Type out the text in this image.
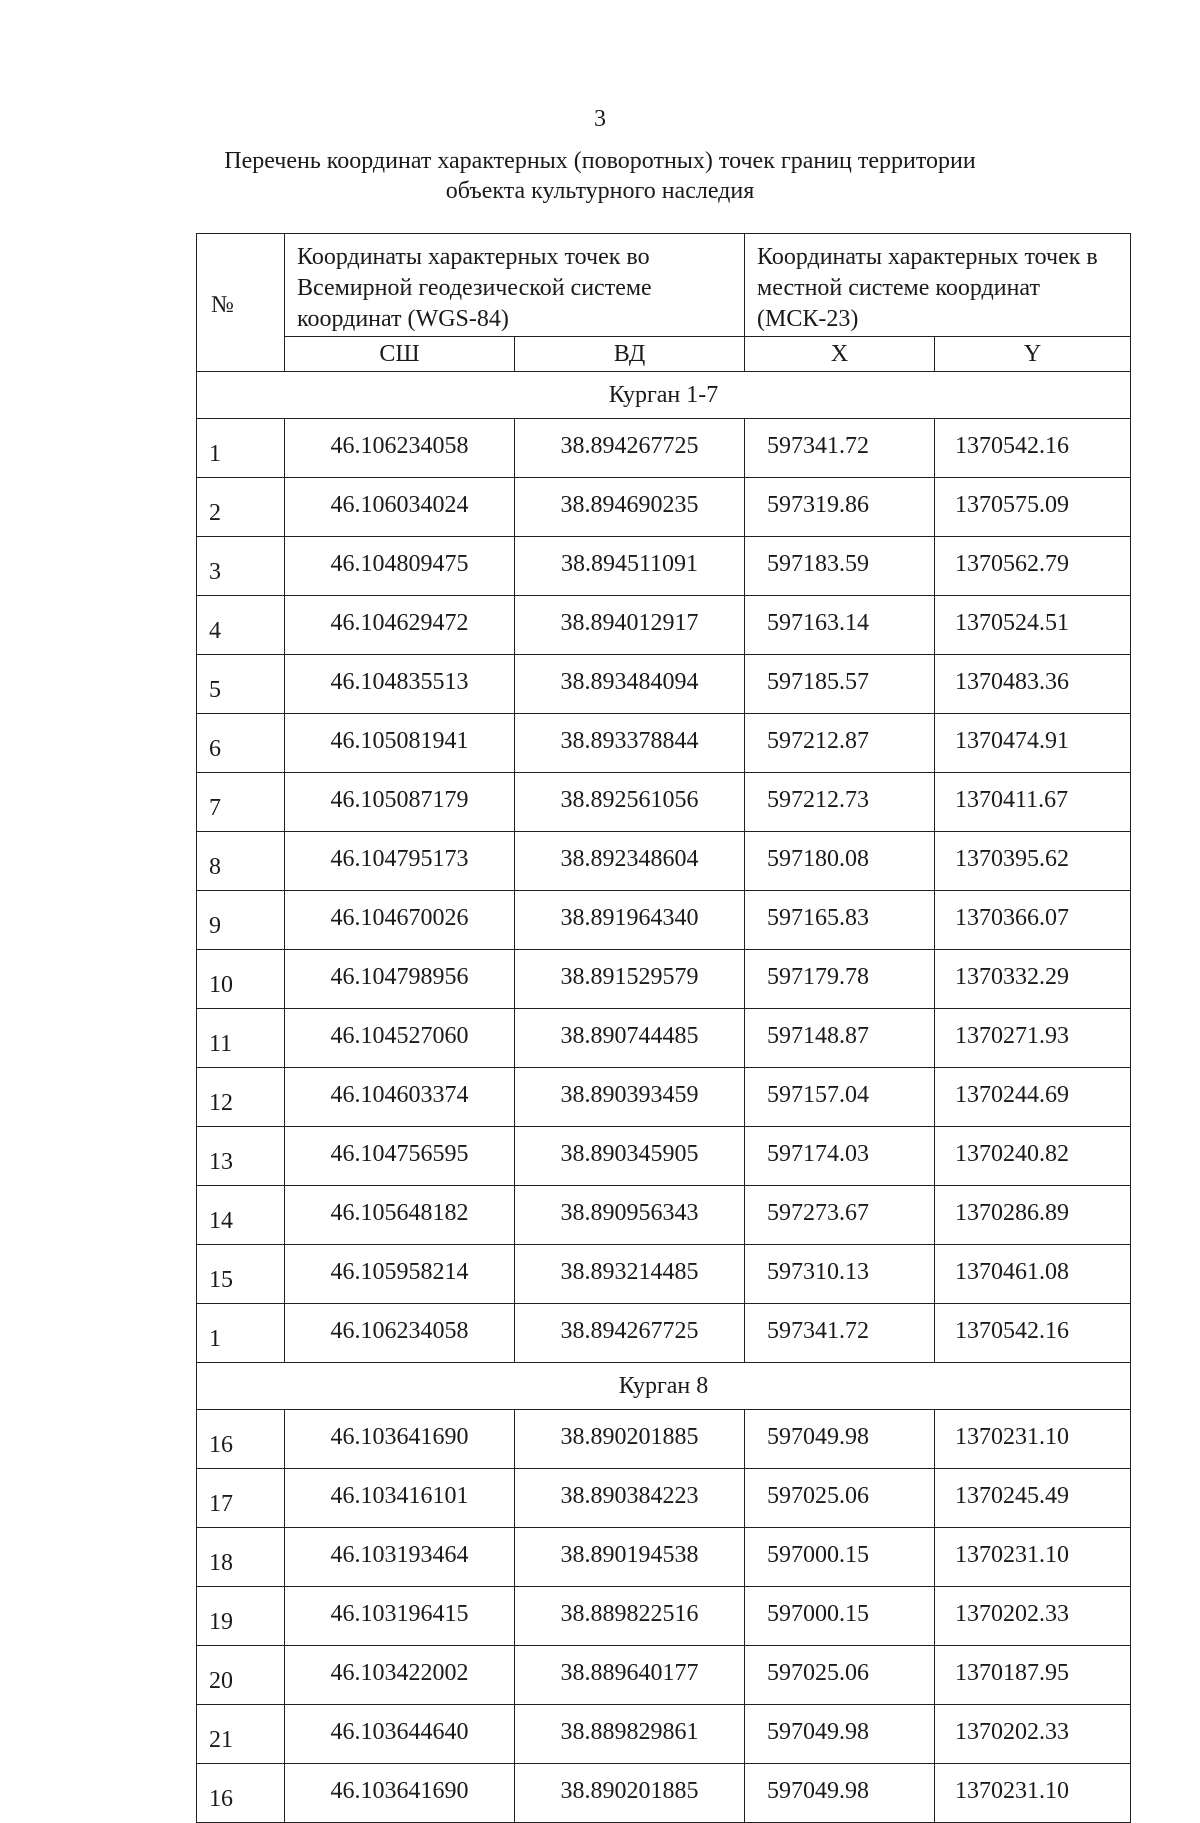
3
Перечень координат характерных (поворотных) точек границ территории
объекта культурного наследия
№	Координаты характерных точек во Всемирной геодезической системе координат (WGS-84)		Координаты характерных точек в местной системе координат (МСК-23)	
	СШ	ВД	X	Y
Курган 1-7				
1	46.106234058	38.894267725	597341.72	1370542.16
2	46.106034024	38.894690235	597319.86	1370575.09
3	46.104809475	38.894511091	597183.59	1370562.79
4	46.104629472	38.894012917	597163.14	1370524.51
5	46.104835513	38.893484094	597185.57	1370483.36
6	46.105081941	38.893378844	597212.87	1370474.91
7	46.105087179	38.892561056	597212.73	1370411.67
8	46.104795173	38.892348604	597180.08	1370395.62
9	46.104670026	38.891964340	597165.83	1370366.07
10	46.104798956	38.891529579	597179.78	1370332.29
11	46.104527060	38.890744485	597148.87	1370271.93
12	46.104603374	38.890393459	597157.04	1370244.69
13	46.104756595	38.890345905	597174.03	1370240.82
14	46.105648182	38.890956343	597273.67	1370286.89
15	46.105958214	38.893214485	597310.13	1370461.08
1	46.106234058	38.894267725	597341.72	1370542.16
Курган 8				
16	46.103641690	38.890201885	597049.98	1370231.10
17	46.103416101	38.890384223	597025.06	1370245.49
18	46.103193464	38.890194538	597000.15	1370231.10
19	46.103196415	38.889822516	597000.15	1370202.33
20	46.103422002	38.889640177	597025.06	1370187.95
21	46.103644640	38.889829861	597049.98	1370202.33
16	46.103641690	38.890201885	597049.98	1370231.10
